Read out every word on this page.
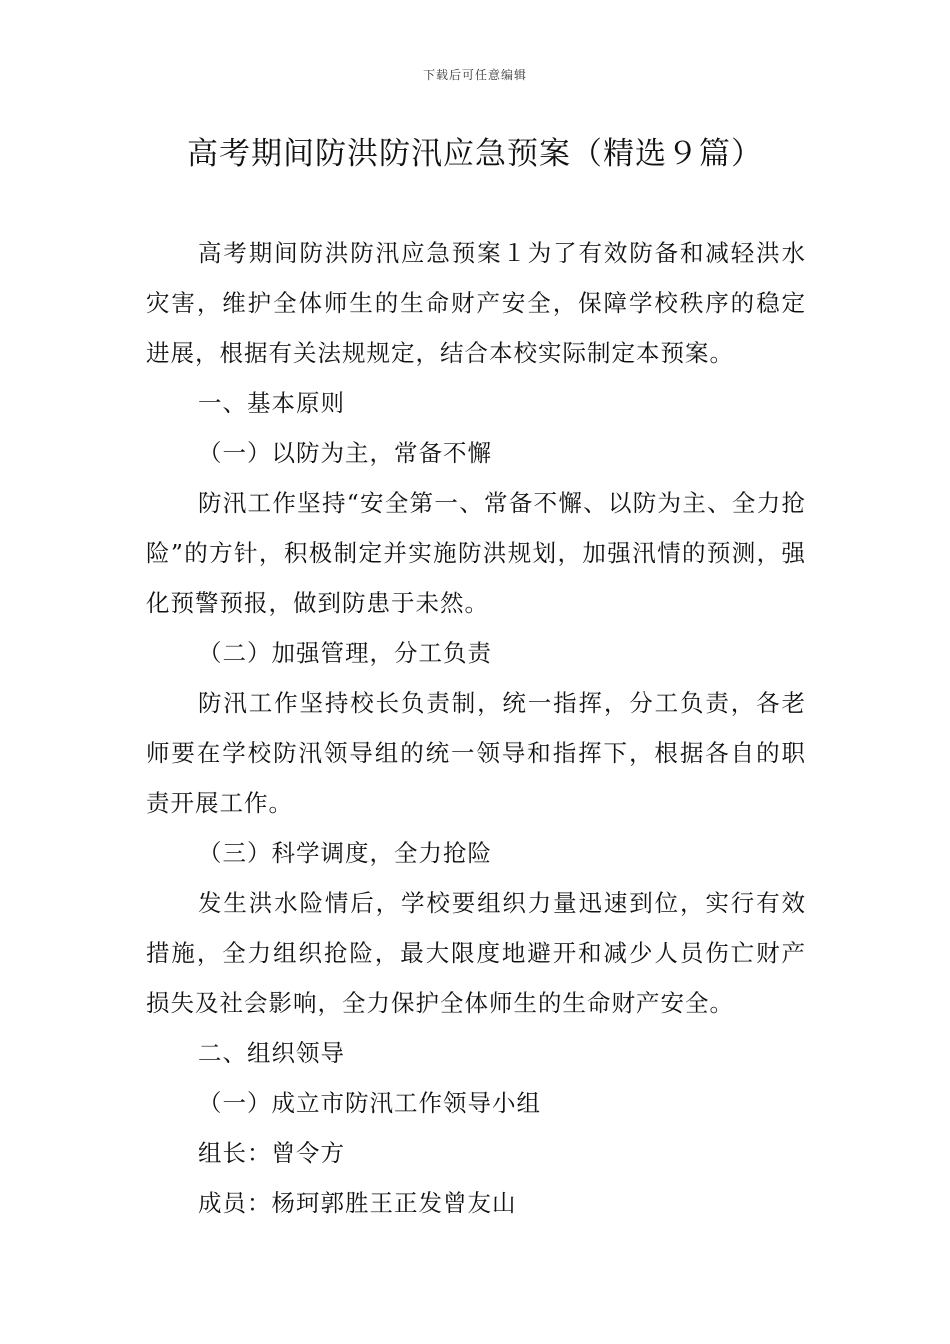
下载后可任意编辑
高考期间防洪防汛应急预案（精选９篇）

高考期间防洪防汛应急预案１为了有效防备和减轻洪水灾害，维护全体师生的生命财产安全，保障学校秩序的稳定进展，根据有关法规规定，结合本校实际制定本预案。

一、基本原则

（一）以防为主，常备不懈

防汛工作坚持“安全第一、常备不懈、以防为主、全力抢险”的方针，积极制定并实施防洪规划，加强汛情的预测，强化预警预报，做到防患于未然。

（二）加强管理，分工负责

防汛工作坚持校长负责制，统一指挥，分工负责，各老师要在学校防汛领导组的统一领导和指挥下，根据各自的职责开展工作。

（三）科学调度，全力抢险

发生洪水险情后，学校要组织力量迅速到位，实行有效措施，全力组织抢险，最大限度地避开和减少人员伤亡财产损失及社会影响，全力保护全体师生的生命财产安全。

二、组织领导

（一）成立市防汛工作领导小组

组长：曾令方

成员：杨珂郭胜王正发曾友山
